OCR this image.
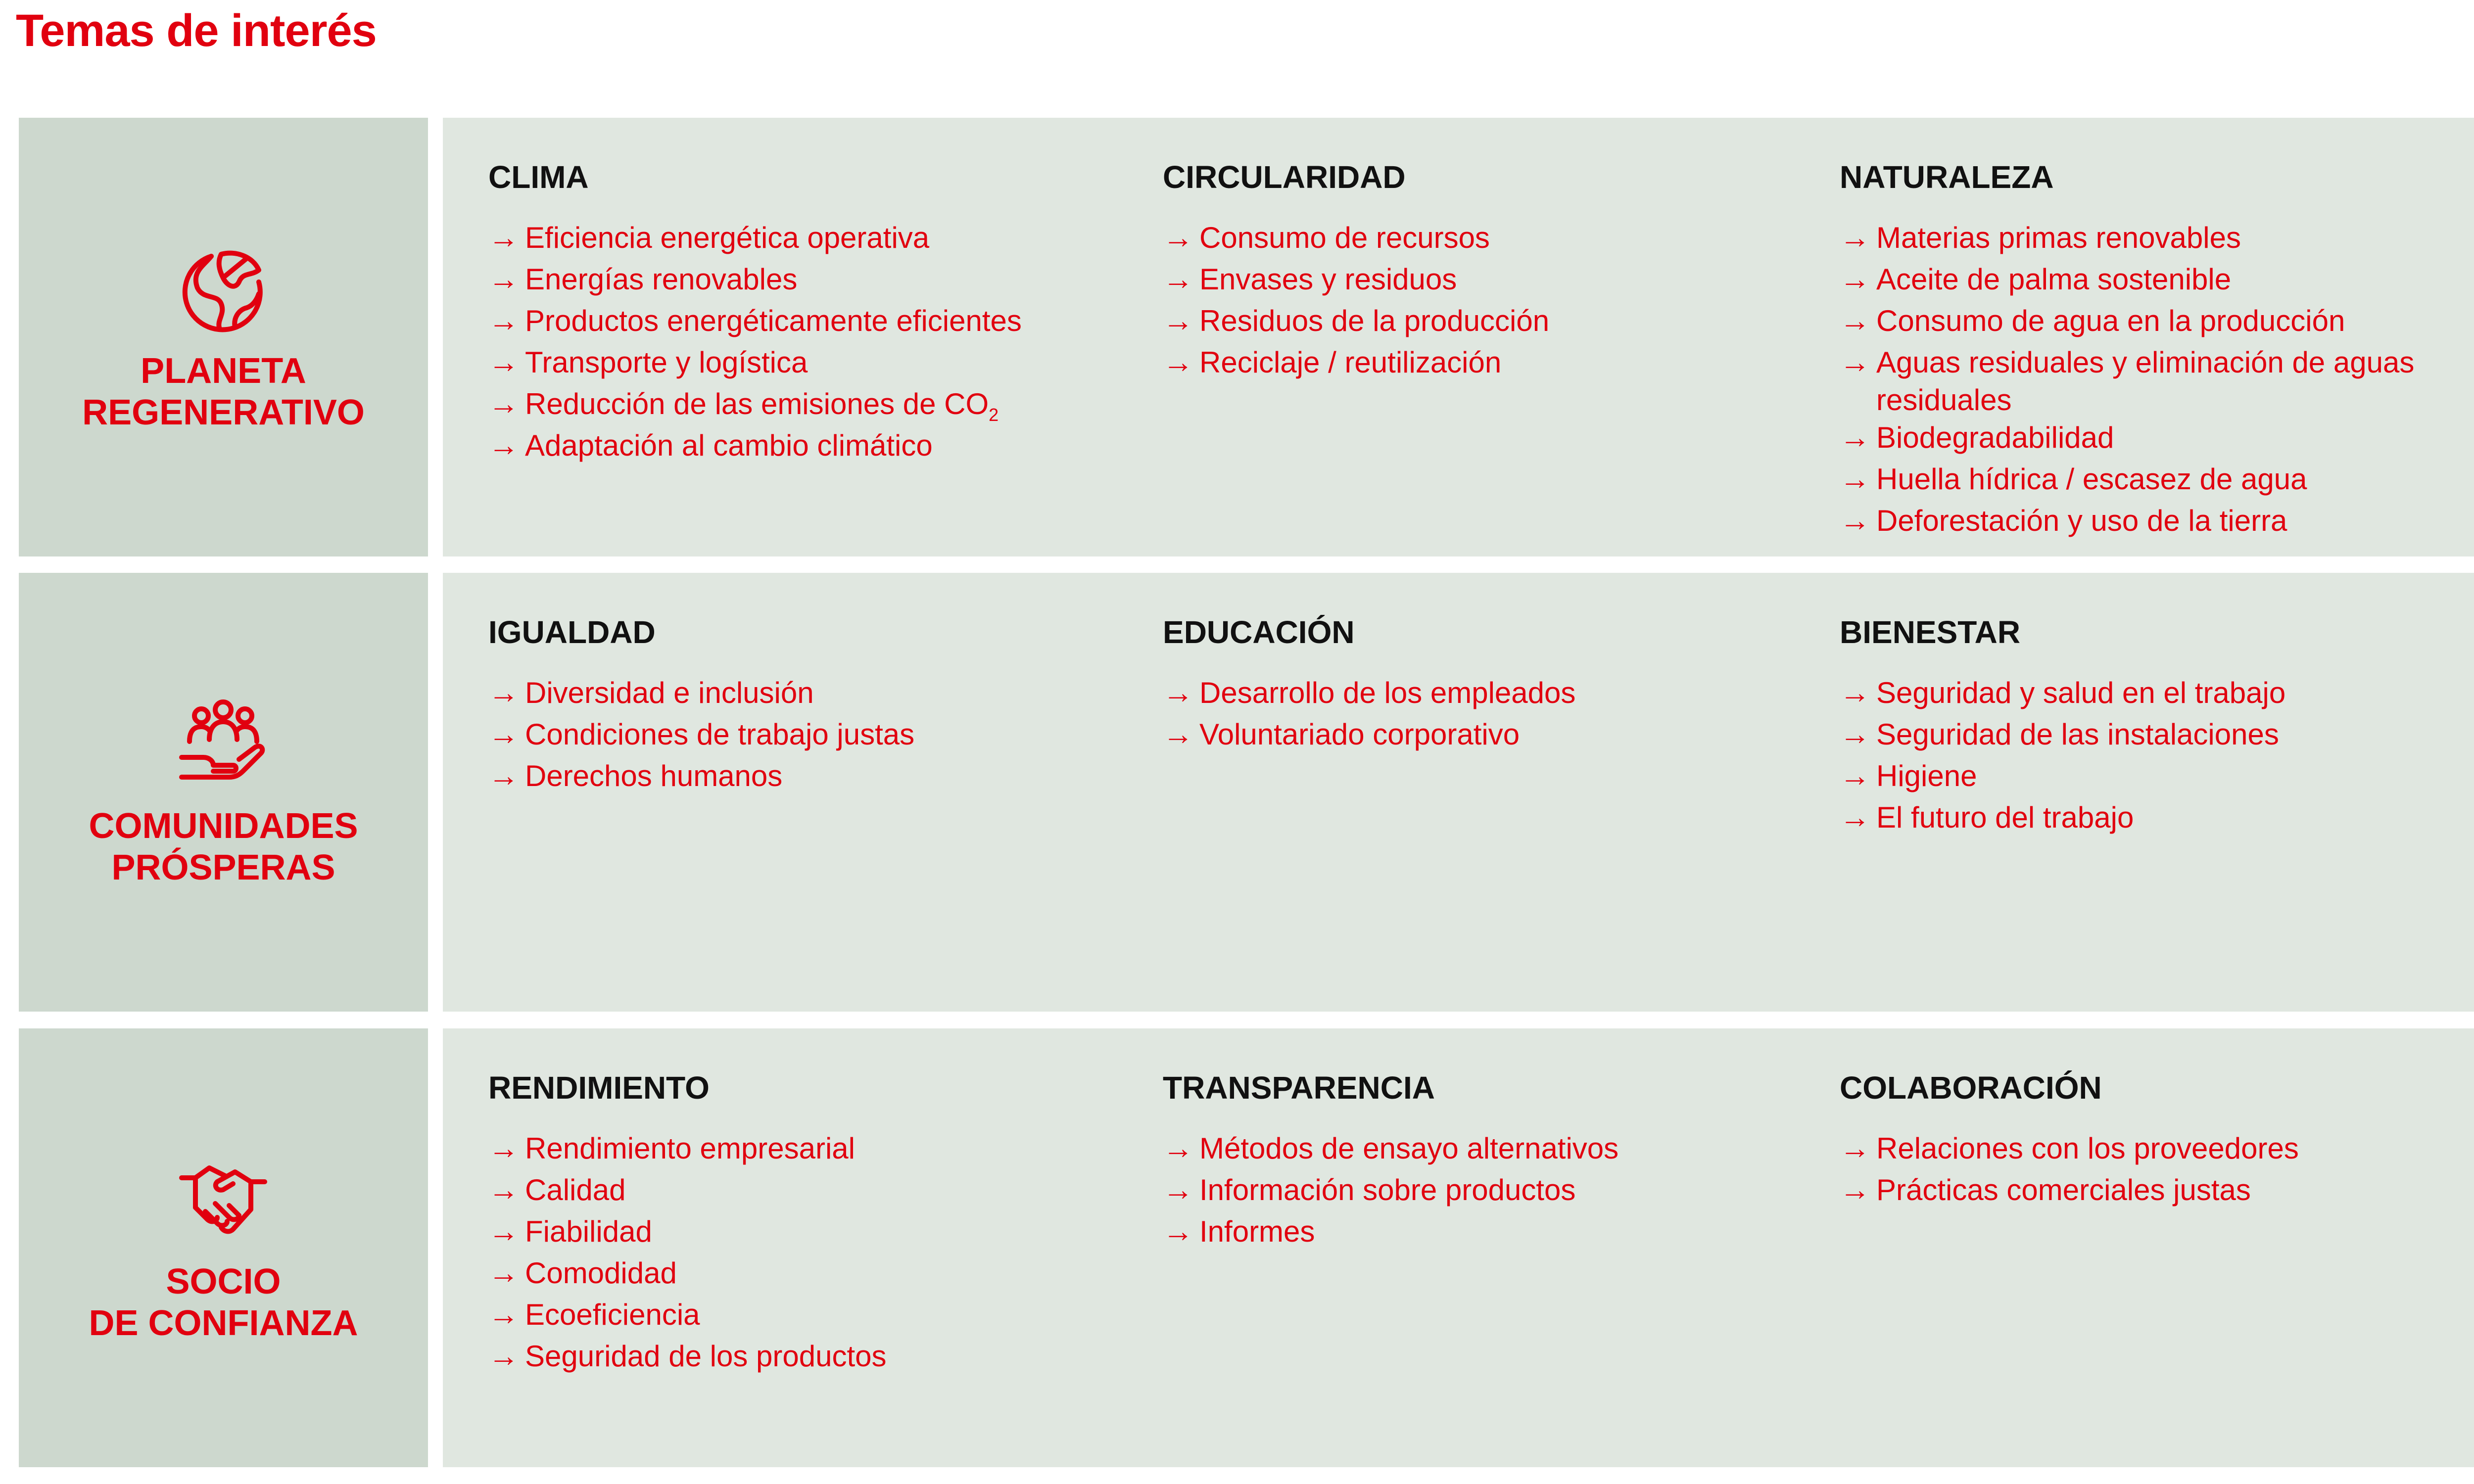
Temas de interés
PLANETA
REGENERATIVO
CLIMA
→ Eficiencia energética operativa
→ Energías renovables
→ Productos energéticamente eficientes
→ Transporte y logística
→ Reducción de las emisiones de $CO_2$
→ Adaptación al cambio climático
CIRCULARIDAD
→ Consumo de recursos
→ Envases y residuos
→ Residuos de la producción
→ Reciclaje / reutilización
NATURALEZA
→ Materias primas renovables
→ Aceite de palma sostenible
→ Consumo de agua en la producción
→ Aguas residuales y eliminación de aguas residuales
→ Biodegradabilidad
→ Huella hídrica / escasez de agua
→ Deforestación y uso de la tierra
COMUNIDADES
PRÓSPERAS
IGUALDAD
→ Diversidad e inclusión
→ Condiciones de trabajo justas
→ Derechos humanos
EDUCACIÓN
→ Desarrollo de los empleados
→ Voluntariado corporativo
BIENESTAR
→ Seguridad y salud en el trabajo
→ Seguridad de las instalaciones
→ Higiene
→ El futuro del trabajo
SOCIO
DE CONFIANZA
RENDIMIENTO
→ Rendimiento empresarial
→ Calidad
→ Fiabilidad
→ Comodidad
→ Ecoeficiencia
→ Seguridad de los productos
TRANSPARENCIA
→ Métodos de ensayo alternativos
→ Información sobre productos
→ Informes
COLABORACIÓN
→ Relaciones con los proveedores
→ Prácticas comerciales justas
